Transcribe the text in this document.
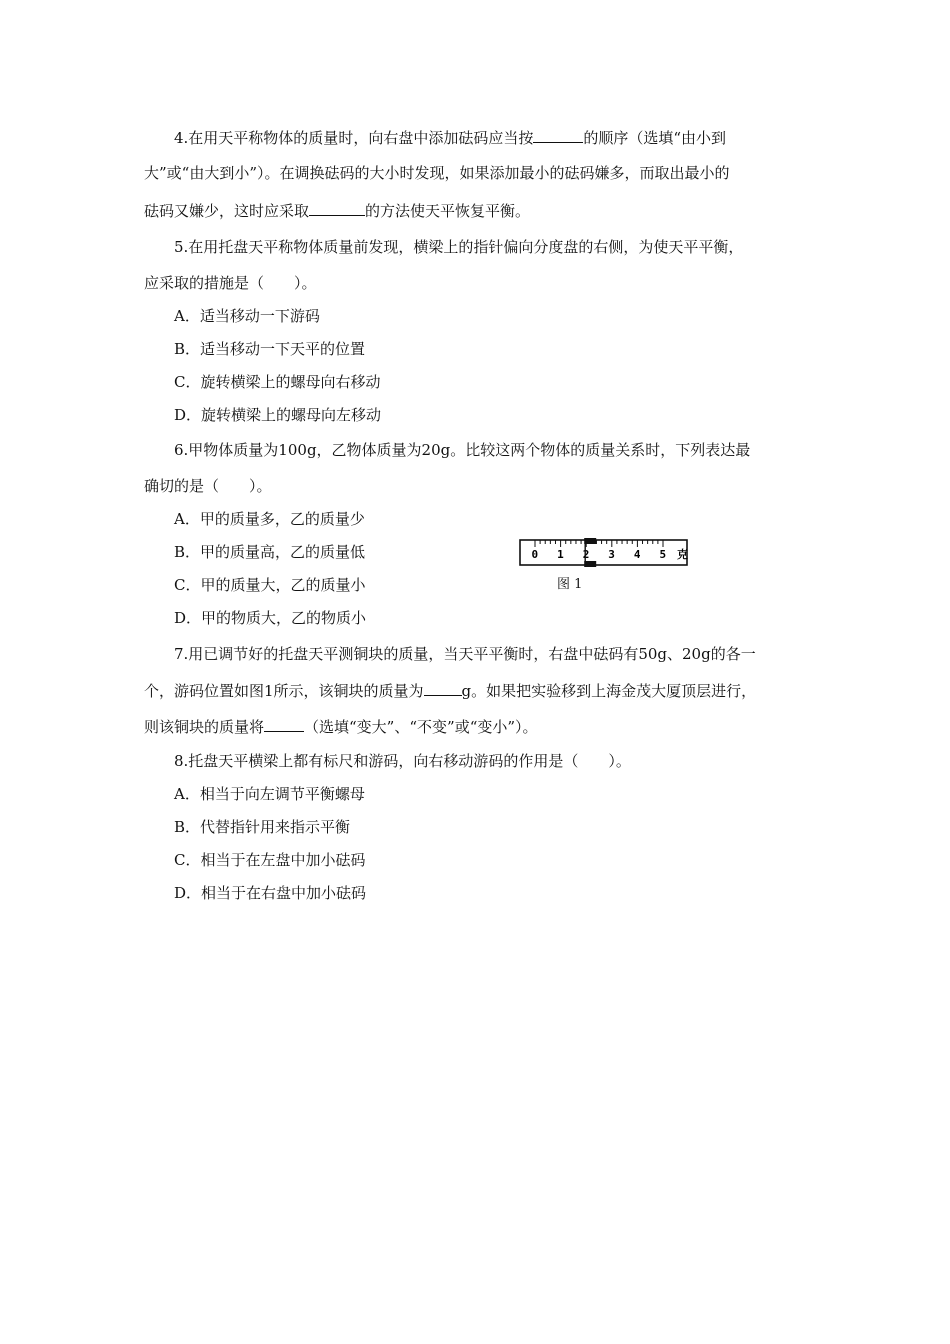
4.在用天平称物体的质量时，向右盘中添加砝码应当按	的顺序（选填“由小到
大”或“由大到小”）。在调换砝码的大小时发现，如果添加最小的砝码嫌多，而取出最小的
砝码又嫌少，这时应采取	的方法使天平恢复平衡。
5.在用托盘天平称物体质量前发现，横梁上的指针偏向分度盘的右侧，为使天平平衡，
应采取的措施是（　　）。
A．适当移动一下游码
B．适当移动一下天平的位置
C．旋转横梁上的螺母向右移动
D．旋转横梁上的螺母向左移动
6.甲物体质量为100g，乙物体质量为20g。比较这两个物体的质量关系时，下列表达最
确切的是（　　）。
A．甲的质量多，乙的质量少
B．甲的质量高，乙的质量低
C．甲的质量大，乙的质量小
D．甲的物质大，乙的物质小
0 1 2 3 4 5 克
图 1
7.用已调节好的托盘天平测铜块的质量，当天平平衡时，右盘中砝码有50g、20g的各一
个，游码位置如图1所示，该铜块的质量为	g。如果把实验移到上海金茂大厦顶层进行，
则该铜块的质量将	（选填“变大”、“不变”或“变小”）。
8.托盘天平横梁上都有标尺和游码，向右移动游码的作用是（　　）。
A．相当于向左调节平衡螺母
B．代替指针用来指示平衡
C．相当于在左盘中加小砝码
D．相当于在右盘中加小砝码
